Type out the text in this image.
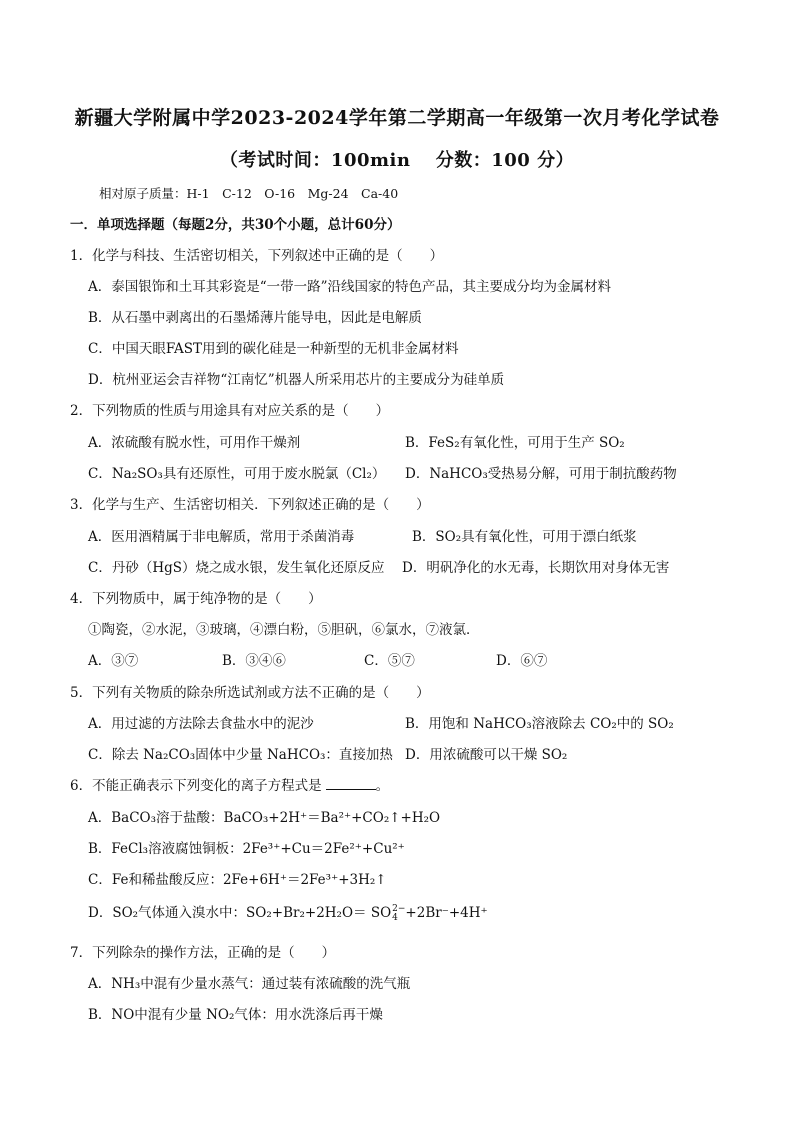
新疆大学附属中学2023-2024学年第二学期高一年级第一次月考化学试卷
（考试时间：100min　 分数：100 分）
相对原子质量：H-1　C-12　O-16　Mg-24　Ca-40
一．单项选择题（每题2分，共30个小题，总计60分）
1．化学与科技、生活密切相关，下列叙述中正确的是（　　）
A．泰国银饰和土耳其彩瓷是“一带一路”沿线国家的特色产品，其主要成分均为金属材料
B．从石墨中剥离出的石墨烯薄片能导电，因此是电解质
C．中国天眼FAST用到的碳化硅是一种新型的无机非金属材料
D．杭州亚运会吉祥物“江南忆”机器人所采用芯片的主要成分为硅单质
2．下列物质的性质与用途具有对应关系的是（　　）
A．浓硫酸有脱水性，可用作干燥剂	B．FeS₂有氧化性，可用于生产 SO₂
C．Na₂SO₃具有还原性，可用于废水脱氯（Cl₂） D．NaHCO₃受热易分解，可用于制抗酸药物
3．化学与生产、生活密切相关．下列叙述正确的是（　　）
A．医用酒精属于非电解质，常用于杀菌消毒	B．SO₂具有氧化性，可用于漂白纸浆
C．丹砂（HgS）烧之成水银，发生氧化还原反应 D．明矾净化的水无毒，长期饮用对身体无害
4．下列物质中，属于纯净物的是（　　）
①陶瓷，②水泥，③玻璃，④漂白粉，⑤胆矾，⑥氯水，⑦液氯．
A．③⑦	B．③④⑥	C．⑤⑦	D．⑥⑦
5．下列有关物质的除杂所选试剂或方法不正确的是（　　）
A．用过滤的方法除去食盐水中的泥沙	B．用饱和 NaHCO₃溶液除去 CO₂中的 SO₂
C．除去 Na₂CO₃固体中少量 NaHCO₃：直接加热 D．用浓硫酸可以干燥 SO₂
6．不能正确表示下列变化的离子方程式是	。
A．BaCO₃溶于盐酸：BaCO₃+2H⁺＝Ba²⁺+CO₂↑+H₂O
B．FeCl₃溶液腐蚀铜板：2Fe³⁺+Cu＝2Fe²⁺+Cu²⁺
C．Fe和稀盐酸反应：2Fe+6H⁺＝2Fe³⁺+3H₂↑
D．SO₂气体通入溴水中：SO₂+Br₂+2H₂O＝ SO 2−
4 +2Br⁻+4H⁺
7．下列除杂的操作方法，正确的是（　　）
A．NH₃中混有少量水蒸气：通过装有浓硫酸的洗气瓶
B．NO中混有少量 NO₂气体：用水洗涤后再干燥
